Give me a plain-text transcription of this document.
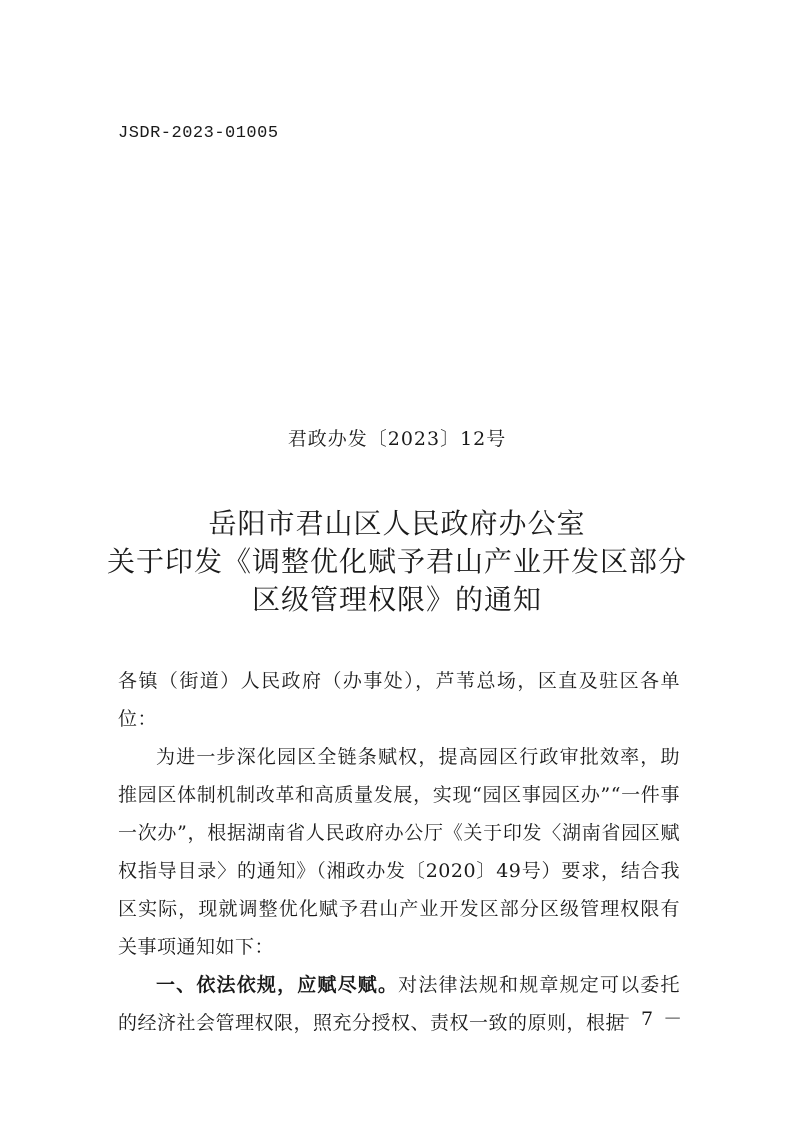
JSDR-2023-01005
君政办发〔2023〕12号
岳阳市君山区人民政府办公室
关于印发《调整优化赋予君山产业开发区部分
区级管理权限》的通知

各镇（街道）人民政府（办事处），芦苇总场，区直及驻区各单位：

为进一步深化园区全链条赋权，提高园区行政审批效率，助推园区体制机制改革和高质量发展，实现“园区事园区办”“一件事一次办”，根据湖南省人民政府办公厅《关于印发〈湖南省园区赋权指导目录〉的通知》（湘政办发〔2020〕49号）要求，结合我区实际，现就调整优化赋予君山产业开发区部分区级管理权限有关事项通知如下：

一、依法依规，应赋尽赋。对法律法规和规章规定可以委托的经济社会管理权限，照充分授权、责权一致的原则，根据

－ 7 －
